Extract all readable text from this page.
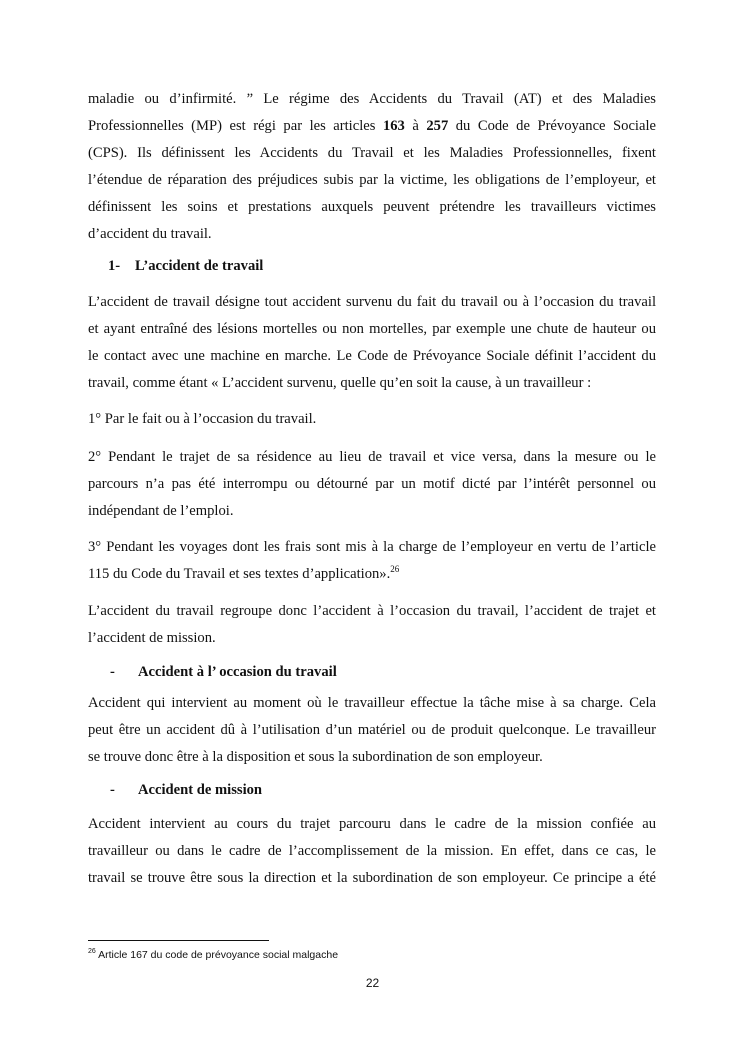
maladie ou d’infirmité. ” Le régime des Accidents du Travail (AT) et des Maladies
Professionnelles (MP) est régi par les articles 163 à 257 du Code de Prévoyance Sociale
(CPS). Ils définissent les Accidents du Travail et les Maladies Professionnelles, fixent
l’étendue de réparation des préjudices subis par la victime, les obligations de l’employeur, et
définissent les soins et prestations auxquels peuvent prétendre les travailleurs victimes
d’accident du travail.
1- L’accident de travail
L’accident de travail désigne tout accident survenu du fait du travail ou à l’occasion du travail
et ayant entraîné des lésions mortelles ou non mortelles, par exemple une chute de hauteur ou
le contact avec une machine en marche. Le Code de Prévoyance Sociale définit l’accident du
travail, comme étant « L’accident survenu, quelle qu’en soit la cause, à un travailleur :
1° Par le fait ou à l’occasion du travail.
2° Pendant le trajet de sa résidence au lieu de travail et vice versa, dans la mesure ou le
parcours n’a pas été interrompu ou détourné par un motif dicté par l’intérêt personnel ou
indépendant de l’emploi.
3° Pendant les voyages dont les frais sont mis à la charge de l’employeur en vertu de l’article
115 du Code du Travail et ses textes d’application».$^{26}$
L’accident du travail regroupe donc l’accident à l’occasion du travail, l’accident de trajet et
l’accident de mission.
- Accident à l’ occasion du travail
Accident qui intervient au moment où le travailleur effectue la tâche mise à sa charge. Cela
peut être un accident dû à l’utilisation d’un matériel ou de produit quelconque. Le travailleur
se trouve donc être à la disposition et sous la subordination de son employeur.
- Accident de mission
Accident intervient au cours du trajet parcouru dans le cadre de la mission confiée au
travailleur ou dans le cadre de l’accomplissement de la mission. En effet, dans ce cas, le
travail se trouve être sous la direction et la subordination de son employeur. Ce principe a été
$^{26}$ Article 167 du code de prévoyance social malgache
22
